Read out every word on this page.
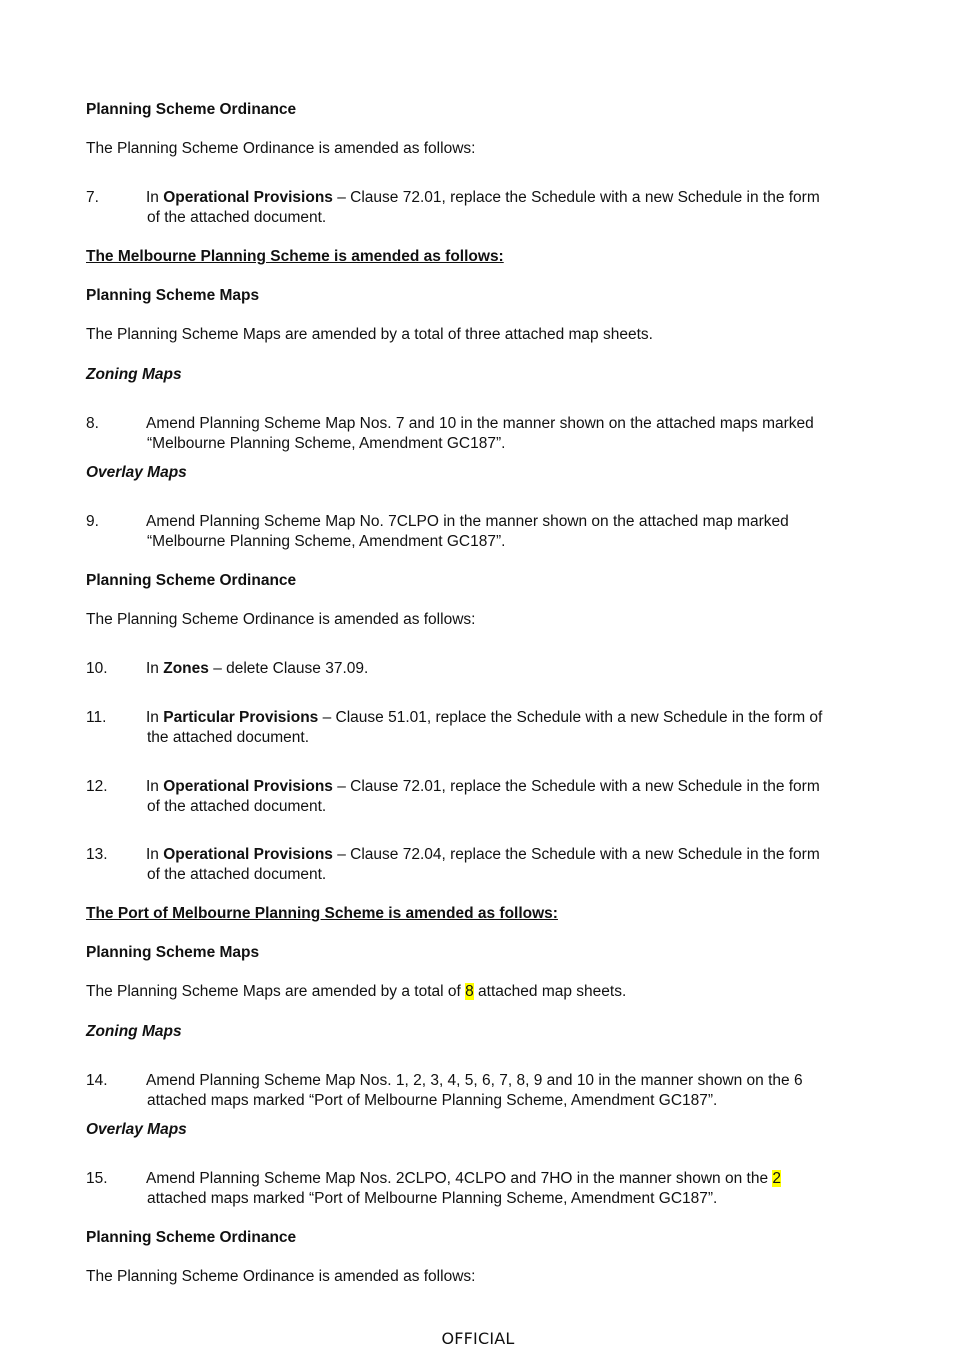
Planning Scheme Ordinance
The Planning Scheme Ordinance is amended as follows:
7.	In Operational Provisions – Clause 72.01, replace the Schedule with a new Schedule in the form
of the attached document.
The Melbourne Planning Scheme is amended as follows:
Planning Scheme Maps
The Planning Scheme Maps are amended by a total of three attached map sheets.
Zoning Maps
8.	Amend Planning Scheme Map Nos. 7 and 10 in the manner shown on the attached maps marked
“Melbourne Planning Scheme, Amendment GC187”.
Overlay Maps
9.	Amend Planning Scheme Map No. 7CLPO in the manner shown on the attached map marked
“Melbourne Planning Scheme, Amendment GC187”.
Planning Scheme Ordinance
The Planning Scheme Ordinance is amended as follows:
10. In Zones – delete Clause 37.09.
11.	In Particular Provisions – Clause 51.01, replace the Schedule with a new Schedule in the form of
the attached document.
12. In Operational Provisions – Clause 72.01, replace the Schedule with a new Schedule in the form
of the attached document.
13. In Operational Provisions – Clause 72.04, replace the Schedule with a new Schedule in the form
of the attached document.
The Port of Melbourne Planning Scheme is amended as follows:
Planning Scheme Maps
The Planning Scheme Maps are amended by a total of 8 attached map sheets.
Zoning Maps
14. Amend Planning Scheme Map Nos. 1, 2, 3, 4, 5, 6, 7, 8, 9 and 10 in the manner shown on the 6
attached maps marked “Port of Melbourne Planning Scheme, Amendment GC187”.
Overlay Maps
15. Amend Planning Scheme Map Nos. 2CLPO, 4CLPO and 7HO in the manner shown on the 2
attached maps marked “Port of Melbourne Planning Scheme, Amendment GC187”.
Planning Scheme Ordinance
The Planning Scheme Ordinance is amended as follows:
OFFICIAL
